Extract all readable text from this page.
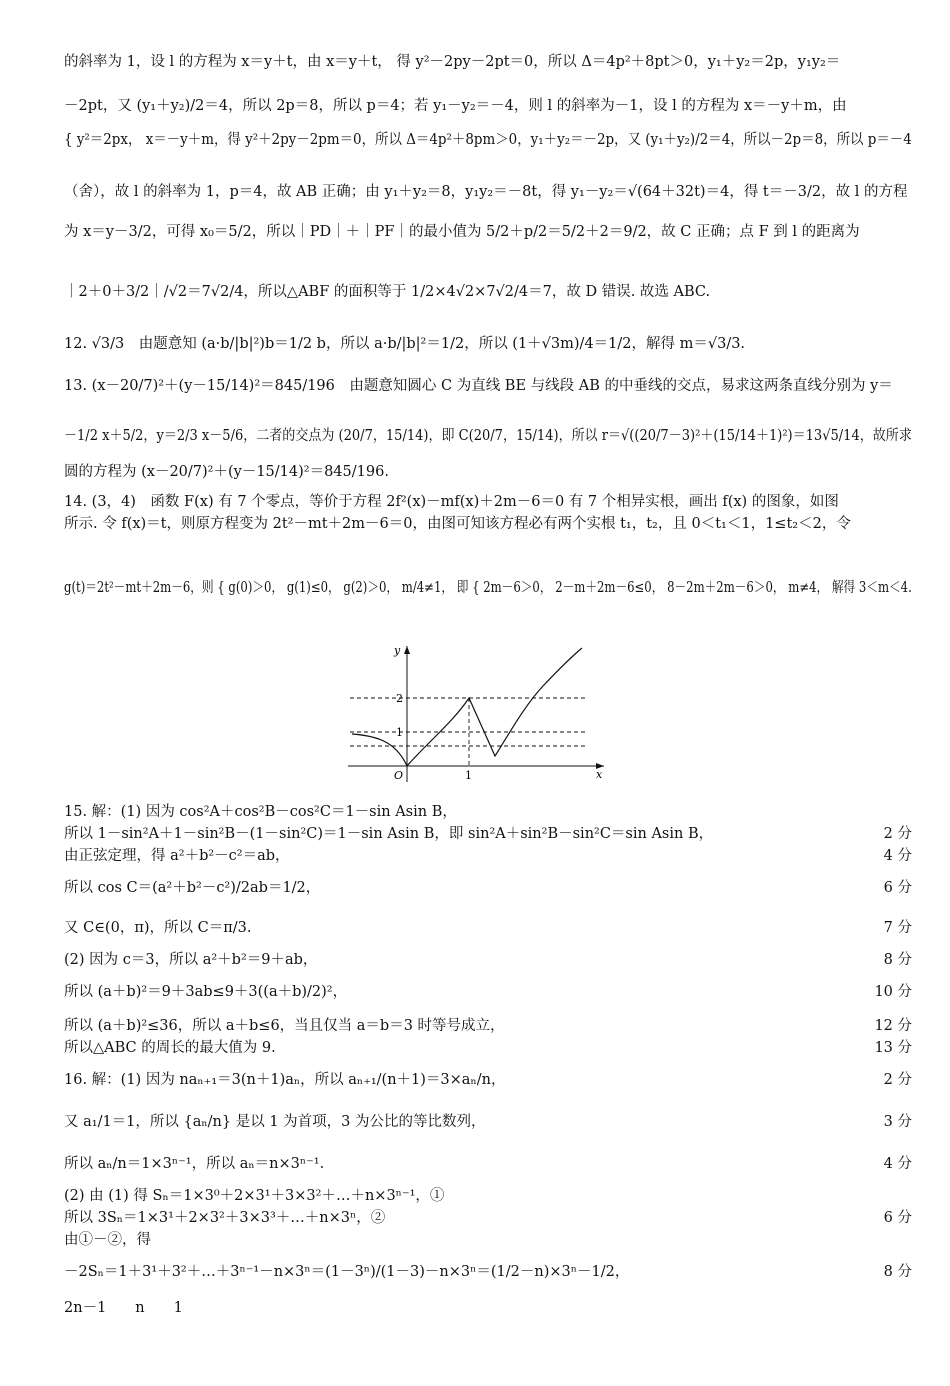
的斜率为 1，设 l 的方程为 x＝y＋t，由 x＝y＋t， 得 y²－2py－2pt＝0，所以 Δ＝4p²＋8pt＞0，y₁＋y₂＝2p，y₁y₂＝
－2pt，又 (y₁＋y₂)/2＝4，所以 2p＝8，所以 p＝4；若 y₁－y₂＝－4，则 l 的斜率为－1，设 l 的方程为 x＝－y＋m，由
{ y²＝2px， x＝－y＋m，得 y²＋2py－2pm＝0，所以 Δ＝4p²＋8pm＞0，y₁＋y₂＝－2p，又 (y₁＋y₂)/2＝4，所以－2p＝8，所以 p＝－4
（舍），故 l 的斜率为 1，p＝4，故 AB 正确；由 y₁＋y₂＝8，y₁y₂＝－8t，得 y₁－y₂＝√(64＋32t)＝4，得 t＝－3/2，故 l 的方程
为 x＝y－3/2，可得 x₀＝5/2，所以｜PD｜＋｜PF｜的最小值为 5/2＋p/2＝5/2＋2＝9/2，故 C 正确；点 F 到 l 的距离为
｜2＋0＋3/2｜/√2＝7√2/4，所以△ABF 的面积等于 1/2×4√2×7√2/4＝7，故 D 错误. 故选 ABC.
12. √3/3　由题意知 (a·b/|b|²)b＝1/2 b，所以 a·b/|b|²＝1/2，所以 (1＋√3m)/4＝1/2，解得 m＝√3/3.
13. (x－20/7)²＋(y－15/14)²＝845/196　由题意知圆心 C 为直线 BE 与线段 AB 的中垂线的交点，易求这两条直线分别为 y＝
－1/2 x＋5/2，y＝2/3 x－5/6，二者的交点为 (20/7，15/14)，即 C(20/7，15/14)，所以 r＝√((20/7－3)²＋(15/14＋1)²)＝13√5/14，故所求
圆的方程为 (x－20/7)²＋(y－15/14)²＝845/196.
14. (3，4)　函数 F(x) 有 7 个零点，等价于方程 2f²(x)－mf(x)＋2m－6＝0 有 7 个相异实根，画出 f(x) 的图象，如图
所示. 令 f(x)＝t，则原方程变为 2t²－mt＋2m－6＝0，由图可知该方程必有两个实根 t₁，t₂，且 0＜t₁＜1，1≤t₂＜2，令
g(t)＝2t²－mt＋2m－6，则 { g(0)＞0， g(1)≤0， g(2)＞0， m/4≠1， 即 { 2m－6＞0， 2－m＋2m－6≤0， 8－2m＋2m－6＞0， m≠4， 解得 3＜m＜4.
15. 解：(1) 因为 cos²A＋cos²B－cos²C＝1－sin Asin B，
所以 1－sin²A＋1－sin²B－(1－sin²C)＝1－sin Asin B，即 sin²A＋sin²B－sin²C＝sin Asin B，
由正弦定理，得 a²＋b²－c²＝ab，
所以 cos C＝(a²＋b²－c²)/2ab＝1/2，
又 C∈(0，π)，所以 C＝π/3.
(2) 因为 c＝3，所以 a²＋b²＝9＋ab，
所以 (a＋b)²＝9＋3ab≤9＋3((a＋b)/2)²，
所以 (a＋b)²≤36，所以 a＋b≤6，当且仅当 a＝b＝3 时等号成立，
所以△ABC 的周长的最大值为 9.
16. 解：(1) 因为 naₙ₊₁＝3(n＋1)aₙ，所以 aₙ₊₁/(n＋1)＝3×aₙ/n，
又 a₁/1＝1，所以 {aₙ/n} 是以 1 为首项，3 为公比的等比数列，
所以 aₙ/n＝1×3ⁿ⁻¹，所以 aₙ＝n×3ⁿ⁻¹.
(2) 由 (1) 得 Sₙ＝1×3⁰＋2×3¹＋3×3²＋…＋n×3ⁿ⁻¹，①
所以 3Sₙ＝1×3¹＋2×3²＋3×3³＋…＋n×3ⁿ，②
由①－②，得
－2Sₙ＝1＋3¹＋3²＋…＋3ⁿ⁻¹－n×3ⁿ＝(1－3ⁿ)/(1－3)－n×3ⁿ＝(1/2－n)×3ⁿ－1/2，
2n－1　　n　　1
2 分
4 分
6 分
7 分
8 分
10 分
12 分
13 分
2 分
3 分
4 分
6 分
8 分
y
x
O	1
1
2
